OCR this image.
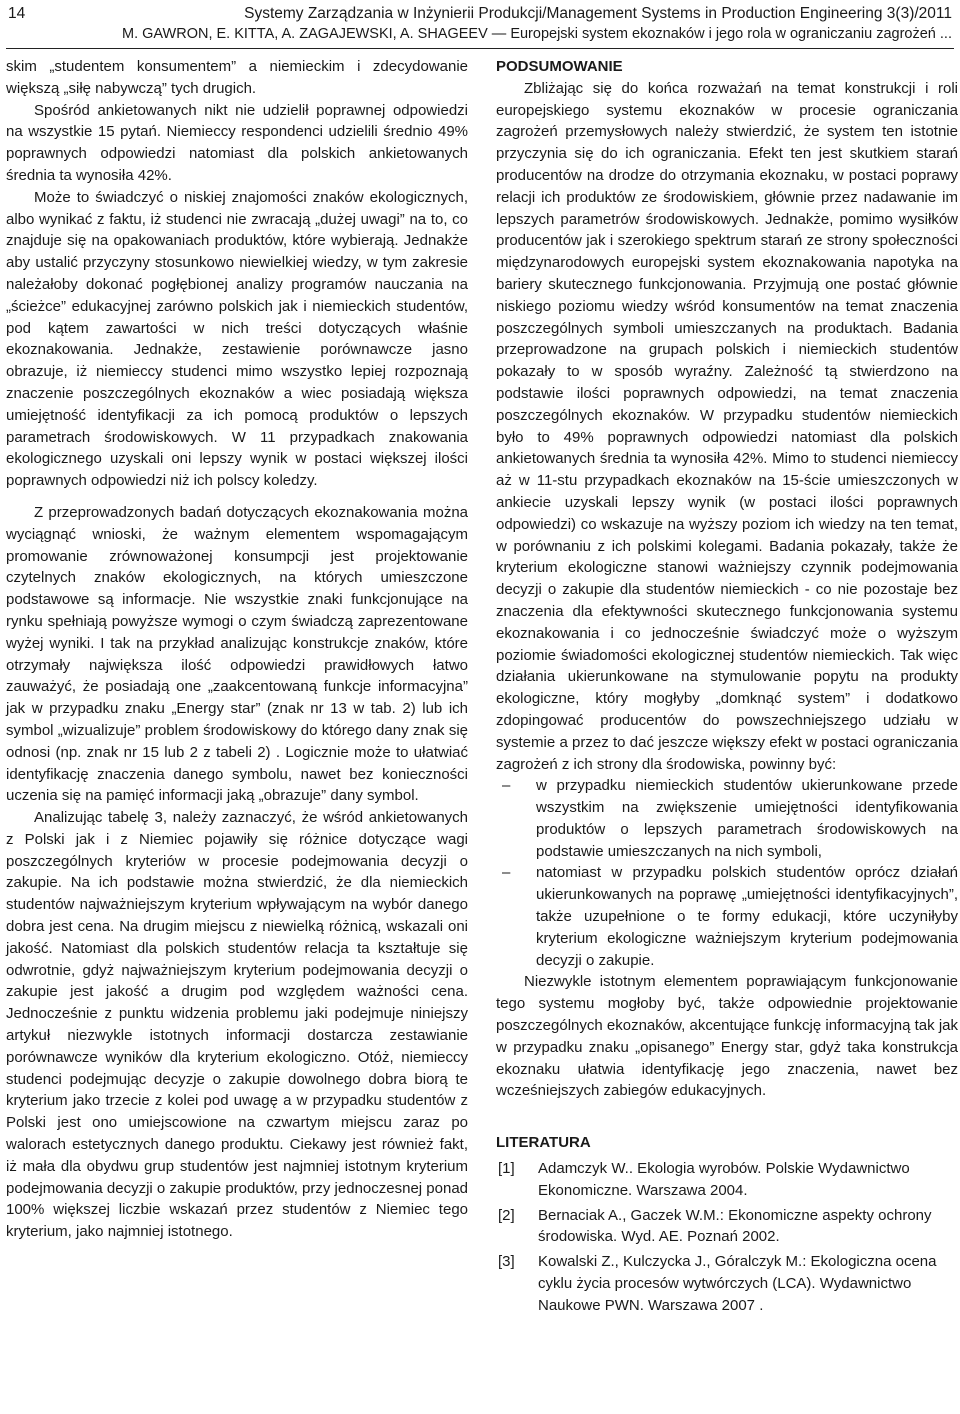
14	Systemy Zarządzania w Inżynierii Produkcji/Management Systems in Production Engineering 3(3)/2011
M. GAWRON, E. KITTA, A. ZAGAJEWSKI, A. SHAGEEV — Europejski system ekoznaków i jego rola w ograniczaniu zagrożeń ...

skim „studentem konsumentem” a niemieckim i zdecydowanie większą „siłę nabywczą” tych drugich.

Spośród ankietowanych nikt nie udzielił poprawnej odpowiedzi na wszystkie 15 pytań. Niemieccy respondenci udzielili średnio 49% poprawnych odpowiedzi natomiast dla polskich ankietowanych średnia ta wynosiła 42%.

Może to świadczyć o niskiej znajomości znaków ekologicznych, albo wynikać z faktu, iż studenci nie zwracają „dużej uwagi” na to, co znajduje się na opakowaniach produktów, które wybierają. Jednakże aby ustalić przyczyny stosunkowo niewielkiej wiedzy, w tym zakresie należałoby dokonać pogłębionej analizy programów nauczania na „ścieżce” edukacyjnej zarówno polskich jak i niemieckich studentów, pod kątem zawartości w nich treści dotyczących właśnie ekoznakowania. Jednakże, zestawienie porównawcze jasno obrazuje, iż niemieccy studenci mimo wszystko lepiej rozpoznają znaczenie poszczególnych ekoznaków a wiec posiadają większa umiejętność identyfikacji za ich pomocą produktów o lepszych parametrach środowiskowych. W 11 przypadkach znakowania ekologicznego uzyskali oni lepszy wynik w postaci większej ilości poprawnych odpowiedzi niż ich polscy koledzy.

Z przeprowadzonych badań dotyczących ekoznakowania można wyciągnąć wnioski, że ważnym elementem wspomagającym promowanie zrównoważonej konsumpcji jest projektowanie czytelnych znaków ekologicznych, na których umieszczone podstawowe są informacje. Nie wszystkie znaki funkcjonujące na rynku spełniają powyższe wymogi o czym świadczą zaprezentowane wyżej wyniki. I tak na przykład analizując konstrukcje znaków, które otrzymały największa ilość odpowiedzi prawidłowych łatwo zauważyć, że posiadają one „zaakcentowaną funkcje informacyjna” jak w przypadku znaku „Energy star” (znak nr 13 w tab. 2) lub ich symbol „wizualizuje” problem środowiskowy do którego dany znak się odnosi (np. znak nr 15 lub 2 z tabeli 2) . Logicznie może to ułatwiać identyfikację znaczenia danego symbolu, nawet bez konieczności uczenia się na pamięć informacji jaką „obrazuje” dany symbol.

Analizując tabelę 3, należy zaznaczyć, że wśród ankietowanych z Polski jak i z Niemiec pojawiły się różnice dotyczące wagi poszczególnych kryteriów w procesie podejmowania decyzji o zakupie. Na ich podstawie można stwierdzić, że dla niemieckich studentów najważniejszym kryterium wpływającym na wybór danego dobra jest cena. Na drugim miejscu z niewielką różnicą, wskazali oni jakość. Natomiast dla polskich studentów relacja ta kształtuje się odwrotnie, gdyż najważniejszym kryterium podejmowania decyzji o zakupie jest jakość a drugim pod względem ważności cena. Jednocześnie z punktu widzenia problemu jaki podejmuje niniejszy artykuł niezwykle istotnych informacji dostarcza zestawianie porównawcze wyników dla kryterium ekologiczno. Otóż, niemieccy studenci podejmując decyzje o zakupie dowolnego dobra biorą te kryterium jako trzecie z kolei pod uwagę a w przypadku studentów z Polski jest ono umiejscowione na czwartym miejscu zaraz po walorach estetycznych danego produktu. Ciekawy jest również fakt, iż mała dla obydwu grup studentów jest najmniej istotnym kryterium podejmowania decyzji o zakupie produktów, przy jednoczesnej ponad 100% większej liczbie wskazań przez studentów z Niemiec tego kryterium, jako najmniej istotnego.

PODSUMOWANIE

Zbliżając się do końca rozważań na temat konstrukcji i roli europejskiego systemu ekoznaków w procesie ograniczania zagrożeń przemysłowych należy stwierdzić, że system ten istotnie przyczynia się do ich ograniczania. Efekt ten jest skutkiem starań producentów na drodze do otrzymania ekoznaku, w postaci poprawy relacji ich produktów ze środowiskiem, głównie przez nadawanie im lepszych parametrów środowiskowych. Jednakże, pomimo wysiłków producentów jak i szerokiego spektrum starań ze strony społeczności międzynarodowych europejski system ekoznakowania napotyka na bariery skutecznego funkcjonowania. Przyjmują one postać głównie niskiego poziomu wiedzy wśród konsumentów na temat znaczenia poszczególnych symboli umieszczanych na produktach. Badania przeprowadzone na grupach polskich i niemieckich studentów pokazały to w sposób wyraźny. Zależność tą stwierdzono na podstawie ilości poprawnych odpowiedzi, na temat znaczenia poszczególnych ekoznaków. W przypadku studentów niemieckich było to 49% poprawnych odpowiedzi natomiast dla polskich ankietowanych średnia ta wynosiła 42%. Mimo to studenci niemieccy aż w 11-stu przypadkach ekoznaków na 15-ście umieszczonych w ankiecie uzyskali lepszy wynik (w postaci ilości poprawnych odpowiedzi) co wskazuje na wyższy poziom ich wiedzy na ten temat, w porównaniu z ich polskimi kolegami. Badania pokazały, także że kryterium ekologiczne stanowi ważniejszy czynnik podejmowania decyzji o zakupie dla studentów niemieckich - co nie pozostaje bez znaczenia dla efektywności skutecznego funkcjonowania systemu ekoznakowania i co jednocześnie świadczyć może o wyższym poziomie świadomości ekologicznej studentów niemieckich. Tak więc działania ukierunkowane na stymulowanie popytu na produkty ekologiczne, który mogłyby „domknąć system” i dodatkowo zdopingować producentów do powszechniejszego udziału w systemie a przez to dać jeszcze większy efekt w postaci ograniczania zagrożeń z ich strony dla środowiska, powinny być:

– w przypadku niemieckich studentów ukierunkowane przede wszystkim na zwiększenie umiejętności identyfikowania produktów o lepszych parametrach środowiskowych na podstawie umieszczanych na nich symboli,
– natomiast w przypadku polskich studentów oprócz działań ukierunkowanych na poprawę „umiejętności identyfikacyjnych”, także uzupełnione o te formy edukacji, które uczyniłyby kryterium ekologiczne ważniejszym kryterium podejmowania decyzji o zakupie.

Niezwykle istotnym elementem poprawiającym funkcjonowanie tego systemu mogłoby być, także odpowiednie projektowanie poszczególnych ekoznaków, akcentujące funkcję informacyjną tak jak w przypadku znaku „opisanego” Energy star, gdyż taka konstrukcja ekoznaku ułatwia identyfikację jego znaczenia, nawet bez wcześniejszych zabiegów edukacyjnych.

LITERATURA
[1] Adamczyk W.. Ekologia wyrobów. Polskie Wydawnictwo Ekonomiczne. Warszawa 2004.
[2] Bernaciak A., Gaczek W.M.: Ekonomiczne aspekty ochrony środowiska. Wyd. AE. Poznań 2002.
[3] Kowalski Z., Kulczycka J., Góralczyk M.: Ekologiczna ocena cyklu życia procesów wytwórczych (LCA). Wydawnictwo Naukowe PWN. Warszawa 2007 .
